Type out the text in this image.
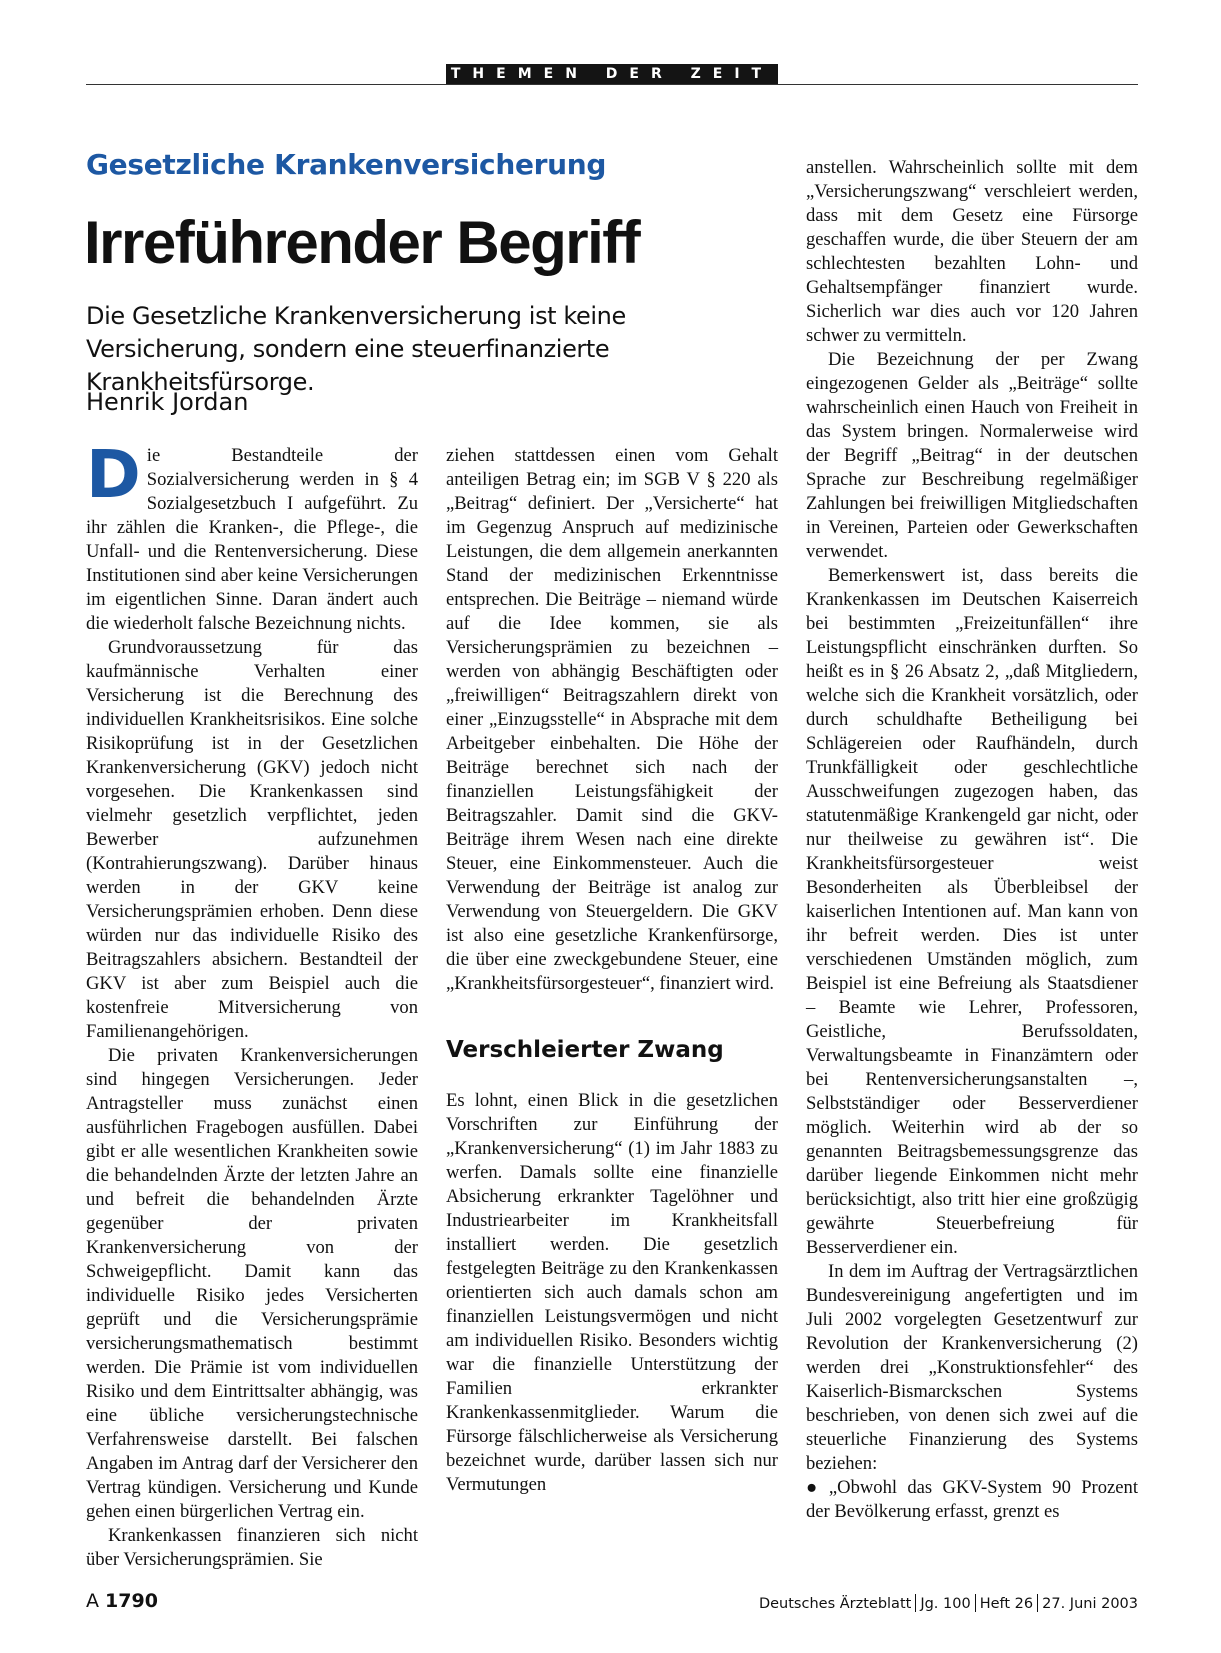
THEMEN DER ZEIT
Gesetzliche Krankenversicherung
Irreführender Begriff
Die Gesetzliche Krankenversicherung ist keine Versicherung, sondern eine steuerfinanzierte Krankheitsfürsorge.
Henrik Jordan

Die Bestandteile der Sozialversicherung werden in § 4 Sozialgesetzbuch I aufgeführt. Zu ihr zählen die Kranken-, die Pflege-, die Unfall- und die Rentenversicherung. Diese Institutionen sind aber keine Versicherungen im eigentlichen Sinne. Daran ändert auch die wiederholt falsche Bezeichnung nichts.

Grundvoraussetzung für das kaufmännische Verhalten einer Versicherung ist die Berechnung des individuellen Krankheitsrisikos. Eine solche Risikoprüfung ist in der Gesetzlichen Krankenversicherung (GKV) jedoch nicht vorgesehen. Die Krankenkassen sind vielmehr gesetzlich verpflichtet, jeden Bewerber aufzunehmen (Kontrahierungszwang). Darüber hinaus werden in der GKV keine Versicherungsprämien erhoben. Denn diese würden nur das individuelle Risiko des Beitragszahlers absichern. Bestandteil der GKV ist aber zum Beispiel auch die kostenfreie Mitversicherung von Familienangehörigen.

Die privaten Krankenversicherungen sind hingegen Versicherungen. Jeder Antragsteller muss zunächst einen ausführlichen Fragebogen ausfüllen. Dabei gibt er alle wesentlichen Krankheiten sowie die behandelnden Ärzte der letzten Jahre an und befreit die behandelnden Ärzte gegenüber der privaten Krankenversicherung von der Schweigepflicht. Damit kann das individuelle Risiko jedes Versicherten geprüft und die Versicherungsprämie versicherungsmathematisch bestimmt werden. Die Prämie ist vom individuellen Risiko und dem Eintrittsalter abhängig, was eine übliche versicherungstechnische Verfahrensweise darstellt. Bei falschen Angaben im Antrag darf der Versicherer den Vertrag kündigen. Versicherung und Kunde gehen einen bürgerlichen Vertrag ein.

Krankenkassen finanzieren sich nicht über Versicherungsprämien. Sie

ziehen stattdessen einen vom Gehalt anteiligen Betrag ein; im SGB V § 220 als „Beitrag“ definiert. Der „Versicherte“ hat im Gegenzug Anspruch auf medizinische Leistungen, die dem allgemein anerkannten Stand der medizinischen Erkenntnisse entsprechen. Die Beiträge – niemand würde auf die Idee kommen, sie als Versicherungsprämien zu bezeichnen – werden von abhängig Beschäftigten oder „freiwilligen“ Beitragszahlern direkt von einer „Einzugsstelle“ in Absprache mit dem Arbeitgeber einbehalten. Die Höhe der Beiträge berechnet sich nach der finanziellen Leistungsfähigkeit der Beitragszahler. Damit sind die GKV-Beiträge ihrem Wesen nach eine direkte Steuer, eine Einkommensteuer. Auch die Verwendung der Beiträge ist analog zur Verwendung von Steuergeldern. Die GKV ist also eine gesetzliche Krankenfürsorge, die über eine zweckgebundene Steuer, eine „Krankheitsfürsorgesteuer“, finanziert wird.

Verschleierter Zwang

Es lohnt, einen Blick in die gesetzlichen Vorschriften zur Einführung der „Krankenversicherung“ (1) im Jahr 1883 zu werfen. Damals sollte eine finanzielle Absicherung erkrankter Tagelöhner und Industriearbeiter im Krankheitsfall installiert werden. Die gesetzlich festgelegten Beiträge zu den Krankenkassen orientierten sich auch damals schon am finanziellen Leistungsvermögen und nicht am individuellen Risiko. Besonders wichtig war die finanzielle Unterstützung der Familien erkrankter Krankenkassenmitglieder. Warum die Fürsorge fälschlicherweise als Versicherung bezeichnet wurde, darüber lassen sich nur Vermutungen

anstellen. Wahrscheinlich sollte mit dem „Versicherungszwang“ verschleiert werden, dass mit dem Gesetz eine Fürsorge geschaffen wurde, die über Steuern der am schlechtesten bezahlten Lohn- und Gehaltsempfänger finanziert wurde. Sicherlich war dies auch vor 120 Jahren schwer zu vermitteln.

Die Bezeichnung der per Zwang eingezogenen Gelder als „Beiträge“ sollte wahrscheinlich einen Hauch von Freiheit in das System bringen. Normalerweise wird der Begriff „Beitrag“ in der deutschen Sprache zur Beschreibung regelmäßiger Zahlungen bei freiwilligen Mitgliedschaften in Vereinen, Parteien oder Gewerkschaften verwendet.

Bemerkenswert ist, dass bereits die Krankenkassen im Deutschen Kaiserreich bei bestimmten „Freizeitunfällen“ ihre Leistungspflicht einschränken durften. So heißt es in § 26 Absatz 2, „daß Mitgliedern, welche sich die Krankheit vorsätzlich, oder durch schuldhafte Betheiligung bei Schlägereien oder Raufhändeln, durch Trunkfälligkeit oder geschlechtliche Ausschweifungen zugezogen haben, das statutenmäßige Krankengeld gar nicht, oder nur theilweise zu gewähren ist“. Die Krankheitsfürsorgesteuer weist Besonderheiten als Überbleibsel der kaiserlichen Intentionen auf. Man kann von ihr befreit werden. Dies ist unter verschiedenen Umständen möglich, zum Beispiel ist eine Befreiung als Staatsdiener – Beamte wie Lehrer, Professoren, Geistliche, Berufssoldaten, Verwaltungsbeamte in Finanzämtern oder bei Rentenversicherungsanstalten –, Selbstständiger oder Besserverdiener möglich. Weiterhin wird ab der so genannten Beitragsbemessungsgrenze das darüber liegende Einkommen nicht mehr berücksichtigt, also tritt hier eine großzügig gewährte Steuerbefreiung für Besserverdiener ein.

In dem im Auftrag der Vertragsärztlichen Bundesvereinigung angefertigten und im Juli 2002 vorgelegten Gesetzentwurf zur Revolution der Krankenversicherung (2) werden drei „Konstruktionsfehler“ des Kaiserlich-Bismarckschen Systems beschrieben, von denen sich zwei auf die steuerliche Finanzierung des Systems beziehen:

● „Obwohl das GKV-System 90 Prozent der Bevölkerung erfasst, grenzt es

A 1790	Deutsches Ärzteblatt Jg. 100 Heft 26 27. Juni 2003
